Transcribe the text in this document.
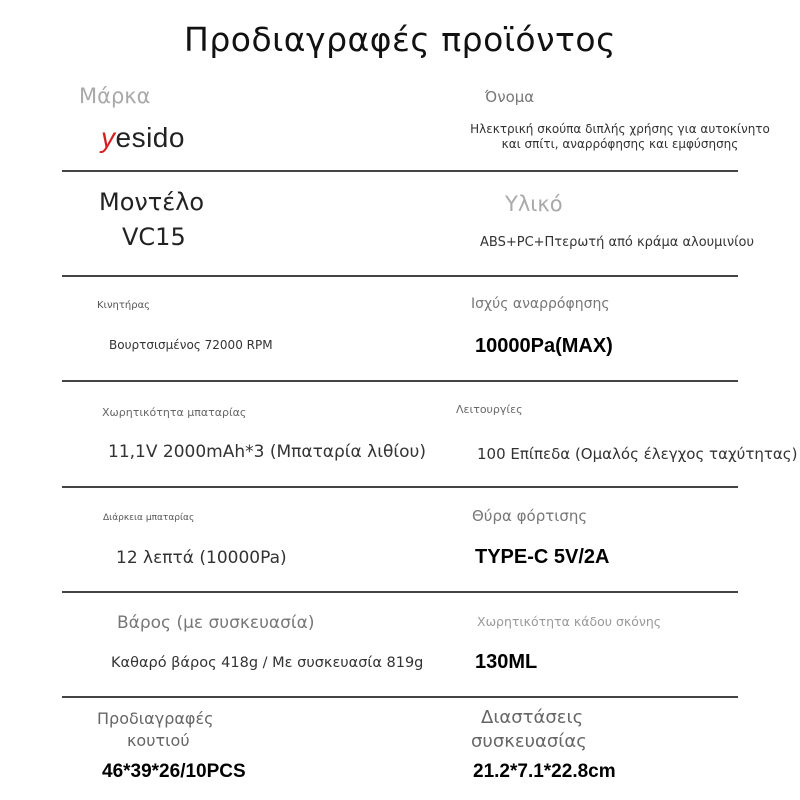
Προδιαγραφές προϊόντος
Μάρκα
yesido
Όνομα
Ηλεκτρική σκούπα διπλής χρήσης για αυτοκίνητο
και σπίτι, αναρρόφησης και εμφύσησης
Μοντέλο
VC15
Υλικό
ABS+PC+Πτερωτή από κράμα αλουμινίου
Κινητήρας
Βουρτσισμένος 72000 RPM
Ισχύς αναρρόφησης
10000Pa(MAX)
Χωρητικότητα μπαταρίας
11,1V 2000mAh*3 (Μπαταρία λιθίου)
Λειτουργίες
100 Επίπεδα (Ομαλός έλεγχος ταχύτητας)
Διάρκεια μπαταρίας
12 λεπτά (10000Pa)
Θύρα φόρτισης
TYPE-C 5V/2A
Βάρος (με συσκευασία)
Καθαρό βάρος 418g / Με συσκευασία 819g
Χωρητικότητα κάδου σκόνης
130ML
Προδιαγραφές
κουτιού
46*39*26/10PCS
Διαστάσεις
συσκευασίας
21.2*7.1*22.8cm
